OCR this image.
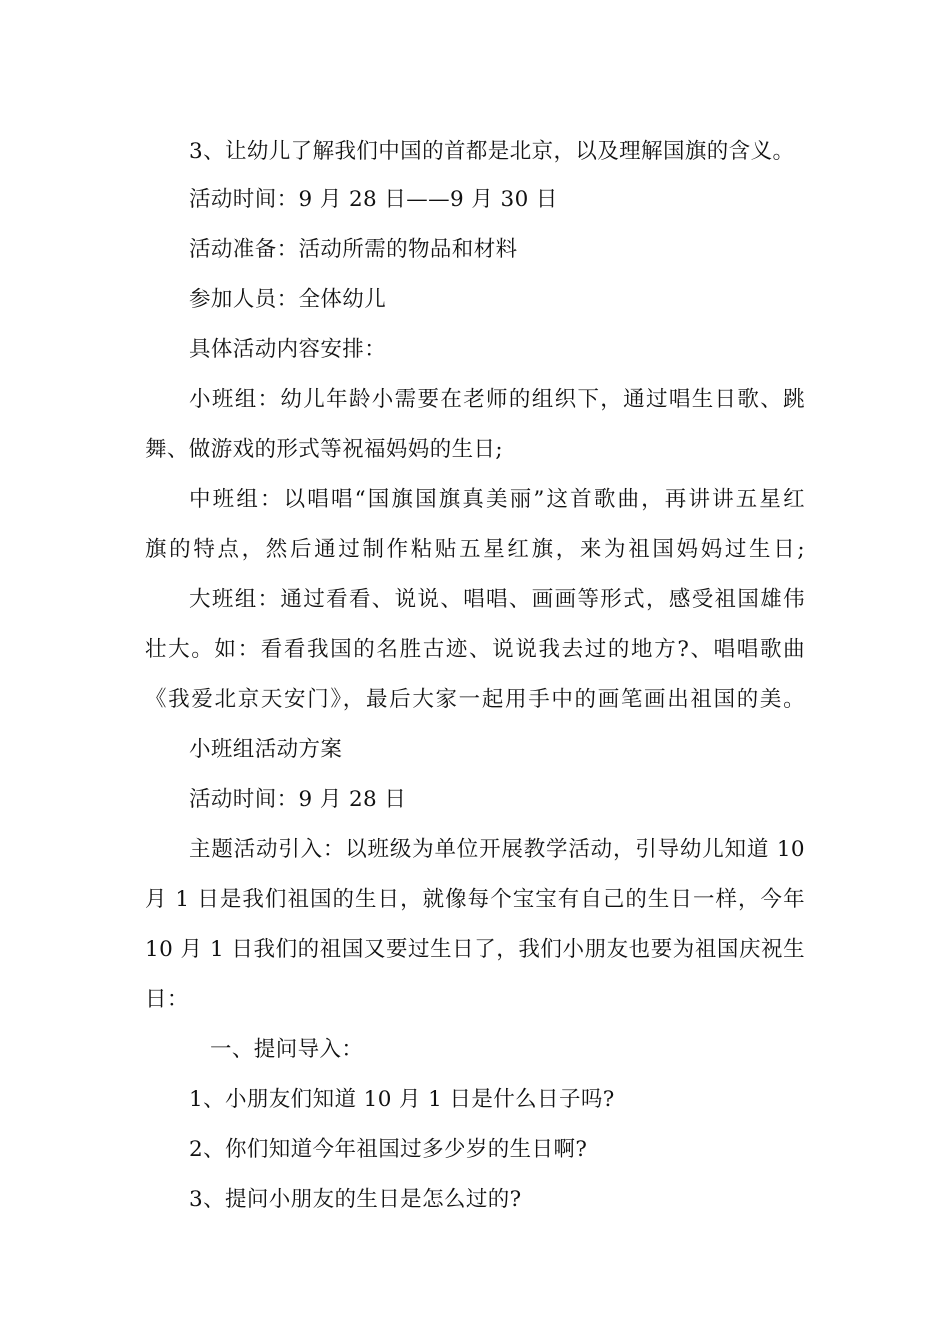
3、让幼儿了解我们中国的首都是北京，以及理解国旗的含义。
活动时间：9 月 28 日——9 月 30 日
活动准备：活动所需的物品和材料
参加人员：全体幼儿
具体活动内容安排：
小班组：幼儿年龄小需要在老师的组织下，通过唱生日歌、跳
舞、做游戏的形式等祝福妈妈的生日;
中班组：以唱唱“国旗国旗真美丽”这首歌曲，再讲讲五星红
旗的特点，然后通过制作粘贴五星红旗，来为祖国妈妈过生日;
大班组：通过看看、说说、唱唱、画画等形式，感受祖国雄伟
壮大。如：看看我国的名胜古迹、说说我去过的地方?、唱唱歌曲
《我爱北京天安门》，最后大家一起用手中的画笔画出祖国的美。
小班组活动方案
活动时间：9 月 28 日
主题活动引入：以班级为单位开展教学活动，引导幼儿知道 10
月 1 日是我们祖国的生日，就像每个宝宝有自己的生日一样，今年
10 月 1 日我们的祖国又要过生日了，我们小朋友也要为祖国庆祝生
日：
一、提问导入：
1、小朋友们知道 10 月 1 日是什么日子吗?
2、你们知道今年祖国过多少岁的生日啊?
3、提问小朋友的生日是怎么过的?
